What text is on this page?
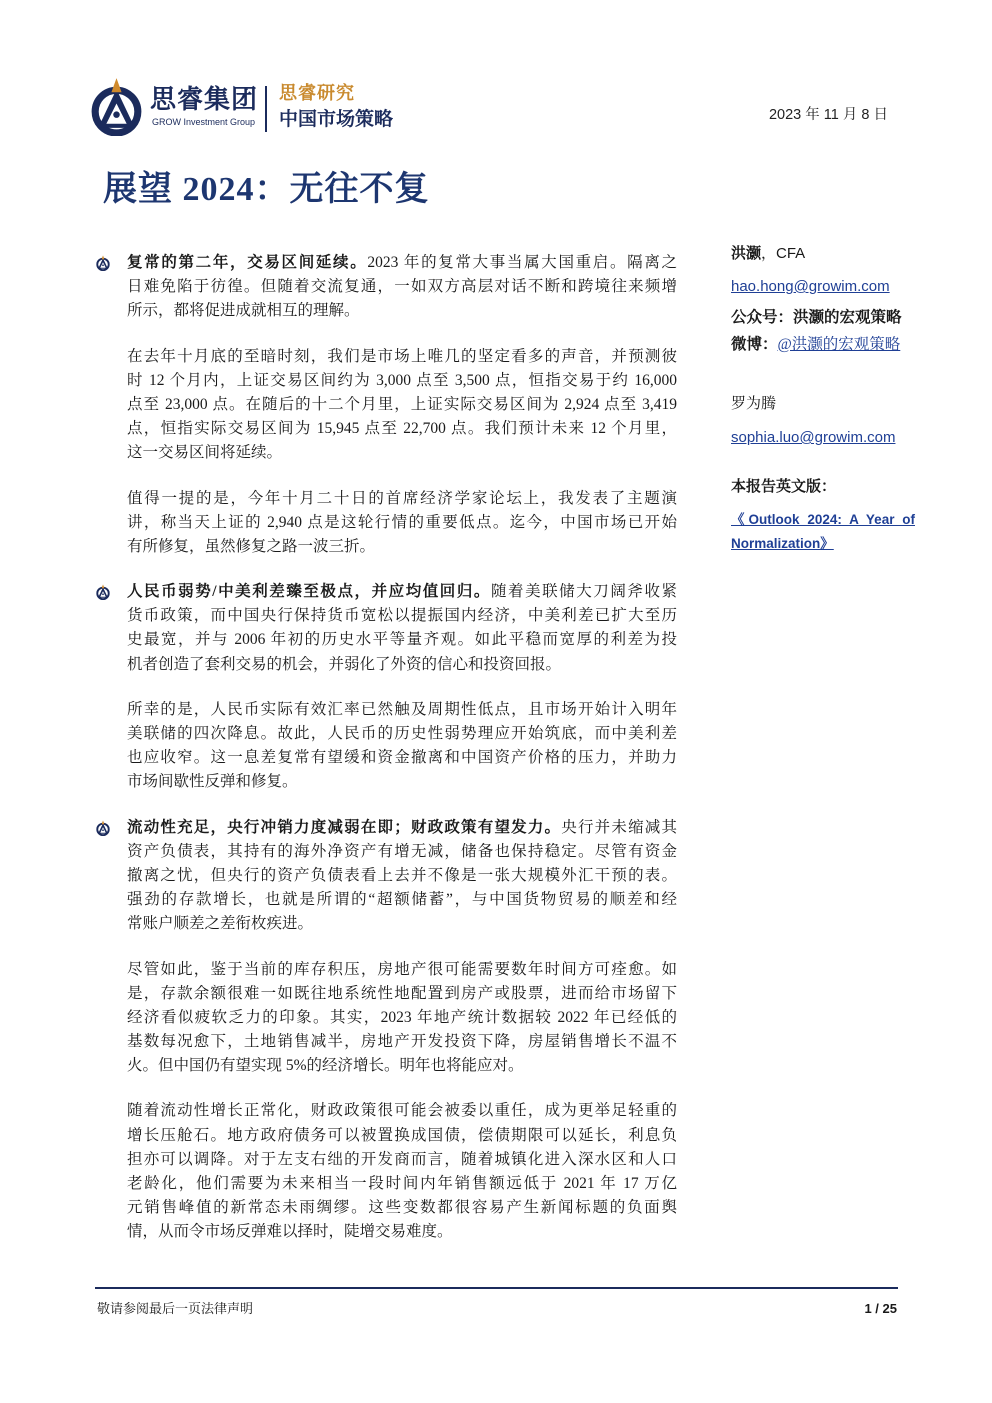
思睿集团
GROW Investment Group
思睿研究
中国市场策略	2023 年 11 月 8 日
展望 2024：无往不复
复常的第二年，交易区间延续。2023 年的复常大事当属大国重启。隔离之
日难免陷于彷徨。但随着交流复通，一如双方高层对话不断和跨境往来频增
所示，都将促进成就相互的理解。
在去年十月底的至暗时刻，我们是市场上唯几的坚定看多的声音，并预测彼
时 12 个月内，上证交易区间约为 3,000 点至 3,500 点，恒指交易于约 16,000
点至 23,000 点。在随后的十二个月里，上证实际交易区间为 2,924 点至 3,419
点，恒指实际交易区间为 15,945 点至 22,700 点。我们预计未来 12 个月里，
这一交易区间将延续。
值得一提的是，今年十月二十日的首席经济学家论坛上，我发表了主题演
讲，称当天上证的 2,940 点是这轮行情的重要低点。迄今，中国市场已开始
有所修复，虽然修复之路一波三折。
人民币弱势/中美利差臻至极点，并应均值回归。随着美联储大刀阔斧收紧
货币政策，而中国央行保持货币宽松以提振国内经济，中美利差已扩大至历
史最宽，并与 2006 年初的历史水平等量齐观。如此平稳而宽厚的利差为投
机者创造了套利交易的机会，并弱化了外资的信心和投资回报。
所幸的是，人民币实际有效汇率已然触及周期性低点，且市场开始计入明年
美联储的四次降息。故此，人民币的历史性弱势理应开始筑底，而中美利差
也应收窄。这一息差复常有望缓和资金撤离和中国资产价格的压力，并助力
市场间歇性反弹和修复。
流动性充足，央行冲销力度减弱在即；财政政策有望发力。央行并未缩减其
资产负债表，其持有的海外净资产有增无减，储备也保持稳定。尽管有资金
撤离之忧，但央行的资产负债表看上去并不像是一张大规模外汇干预的表。
强劲的存款增长，也就是所谓的“超额储蓄”，与中国货物贸易的顺差和经
常账户顺差之差衔枚疾进。
尽管如此，鉴于当前的库存积压，房地产很可能需要数年时间方可痊愈。如
是，存款余额很难一如既往地系统性地配置到房产或股票，进而给市场留下
经济看似疲软乏力的印象。其实，2023 年地产统计数据较 2022 年已经低的
基数每况愈下，土地销售减半，房地产开发投资下降，房屋销售增长不温不
火。但中国仍有望实现 5%的经济增长。明年也将能应对。
随着流动性增长正常化，财政政策很可能会被委以重任，成为更举足轻重的
增长压舱石。地方政府债务可以被置换成国债，偿债期限可以延长，利息负
担亦可以调降。对于左支右绌的开发商而言，随着城镇化进入深水区和人口
老龄化，他们需要为未来相当一段时间内年销售额远低于 2021 年 17 万亿
元销售峰值的新常态未雨绸缪。这些变数都很容易产生新闻标题的负面舆
情，从而令市场反弹难以择时，陡增交易难度。
洪灏，CFA
hao.hong@growim.com
公众号：洪灏的宏观策略
微博：@洪灏的宏观策略
罗为腾
sophia.luo@growim.com
本报告英文版：
《Outlook 2024: A Year of Normalization》
敬请参阅最后一页法律声明	1 / 25
